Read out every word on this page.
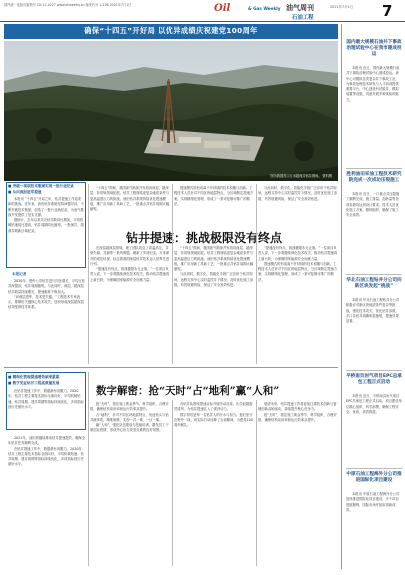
国内统一连续出版物号 CN 11-0227 www.oilweekly.cn 邮发代号 1-156 2021年7月1日	Oil	& Gas Weekly 油气周刊
石油工程
2021年7月1日 7
确保“十四五”开好局 以优异成绩庆祝建党100周年
图为我国首口万米超深井钻井现场。 资料图
■ 突破一项项技术瓶颈实现一批行业纪录
■ 从向深层进军提速

本报讯 “十四五”开局之年，钻井提速工作迎来新的挑战。近年来，油田钻井系统坚持问题导向，不断突破技术瓶颈，创造了一批行业新纪录，为油气勘探开发提供了坚实支撑。

据统计，去年以来共完钻井数同比增加，平均机械钻速同比提高，钻井周期同比缩短，一批深井、超深井刷新区域纪录。

钻井提速：挑战极限没有终点
本报记者

2020年，股份公司钻井进尺同比增长，平均完钻井深提高，钻井周期缩短。与此同时，深层、超深层钻井数量持续增长，提速难度不断加大。

“向深层进军，技术是关键。”工程技术专家表示，要紧盯关键核心技术攻关，加快形成深层超深层钻井配套技术体系。

“十四五”期间，我国油气勘探开发将向深层、超深层、非常规领域拓展，钻井工程面临更复杂地质条件与更高温度压力的挑战。油田钻井系统持续优化提速模板，推广应用新工具新工艺，一批重点井钻井周期大幅缩短。

提速模式的形成离不开持续的技术积累与创新。工程技术人员针对不同区块地层特点，分区域制定提速方案，实现精细化管理，形成了一套可复制可推广的做法。

与此同时，数字化、智能化手段广泛应用于钻井现场，远程支持中心实时监控井下情况，及时优化施工参数，有效规避风险，保证了安全高效钻进。

在深层超深层领域，施工团队攻克了高温高压、井壁失稳、井漏等一系列难题，刷新了多项纪录。万米深井的成功钻探，标志着我国深层钻井技术迈入世界先进行列。

“提速没有终点，挑战极限永无止境。”一位项目负责人说，下一步将继续深化技术攻关，推动钻井提速再上新台阶，为保障国家能源安全贡献力量。

“十四五”期间，我国油气勘探开发将向深层、超深层、非常规领域拓展，钻井工程面临更复杂地质条件与更高温度压力的挑战。油田钻井系统持续优化提速模板，推广应用新工具新工艺，一批重点井钻井周期大幅缩短。

与此同时，数字化、智能化手段广泛应用于钻井现场，远程支持中心实时监控井下情况，及时优化施工参数，有效规避风险，保证了安全高效钻进。

“提速没有终点，挑战极限永无止境。”一位项目负责人说，下一步将继续深化技术攻关，推动钻井提速再上新台阶，为保障国家能源安全贡献力量。

提速模式的形成离不开持续的技术积累与创新。工程技术人员针对不同区块地层特点，分区域制定提速方案，实现精细化管理，形成了一套可复制可推广的做法。

■ 精细化管理提速增效硕果累累
■ 数字见证钻井工程高质量发展

在钻井提速工作中，数据最有说服力。2020年，钻井工程主要技术指标全面向好，平均机械钻速、钻井周期、建井周期等指标持续优化，多项指标创历史最好水平。

数字解密：抢“天时”占“地利”赢“人和”

2021年，油田将继续推动钻井提速提效，确保全年钻井任务顺利完成。

在钻井提速工作中，数据最有说服力。2020年，钻井工程主要技术指标全面向好，平均机械钻速、钻井周期、建井周期等指标持续优化，多项指标创历史最好水平。

抢“天时”，抓住施工黄金季节，科学组织，合理安排，确保钻机动用率和运行效率双提升。

占“地利”，针对不同区块地质特点，优选钻头与钻井液体系，精准施策，实现一井一策、一区一策。

赢“人和”，强化队伍建设与技能培训，激发员工干事创业热情，形成齐心协力攻坚克难的良好氛围。

各钻井队围绕提速目标开展劳动竞赛，比学赶超蔚然成风，为钻井提速注入了强劲动力。

数字背后是每一名钻井人的汗水与担当。他们坚守在野外一线，用实际行动诠释了石油精神，为建党100周年献礼。

展望未来，钻井提速工作将更加注重技术创新与管理创新双轮驱动，持续提升核心竞争力。

抢“天时”，抓住施工黄金季节，科学组织，合理安排，确保钻机动用率和运行效率双提升。

国内最大规模石油井下事故治理试验中心在我市建成投运

本报讯 近日，国内最大规模石油井下事故治理试验中心建成投运。该中心可模拟各类复杂井下事故工况，为事故处理技术研发与人才培训提供重要平台。中心建设有试验井、模拟装置等设施，具备开展多种试验的能力。

胜利油田采油工程技术研究院完成一次成功压裂施工

本报讯 近日，一口重点井压裂施工顺利完成，施工排量、加砂量等各项参数均达到设计要求。技术人员优化施工方案，精细组织，确保了施工安全高效。

华北石油工程钻井分公司向新区块发起“挑战”

本报讯 华北石油工程钻井分公司积极应对新区块地质条件复杂等挑战，强化技术攻关，优化钻井参数，多口井钻井周期明显缩短，提速效果显著。

平桥南页岩气项目EPC总承包工程正式启动

本报讯 近日，平桥南页岩气项目EPC总承包工程正式启动。项目建设单位精心组织，科学部署，确保工程安全、优质、高效推进。

中原石油工程海外分公司推进国际化项目建设

本报讯 中原石油工程海外分公司加快推进国际化项目建设，多个项目进展顺利，国际市场开拓取得新成效。
